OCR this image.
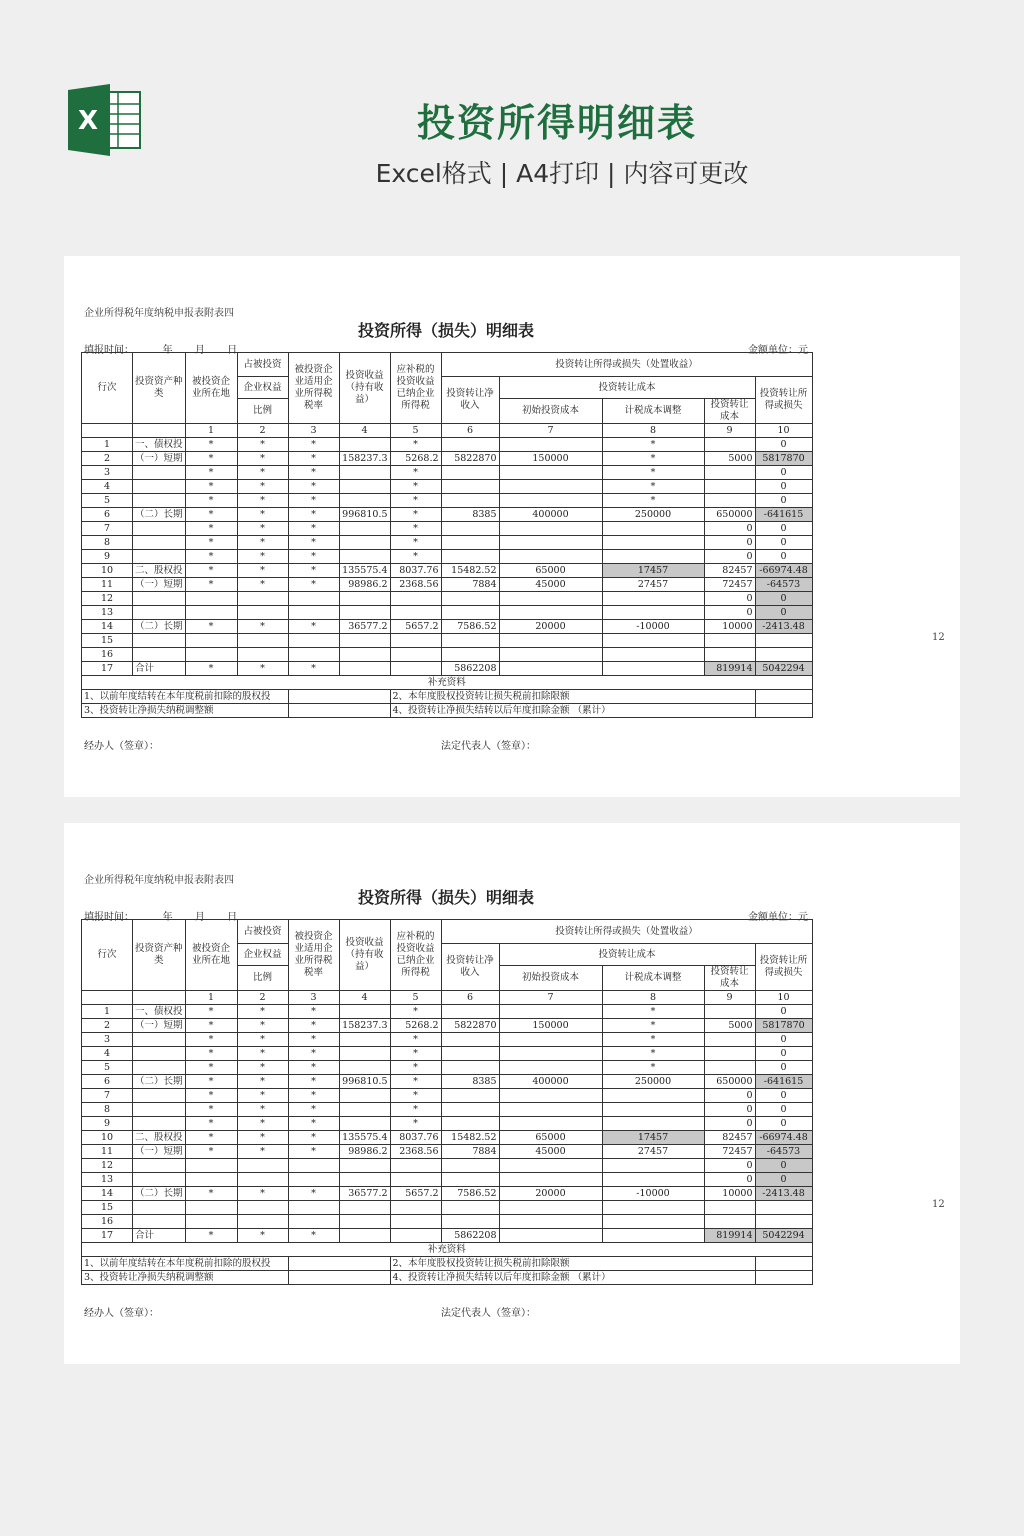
X	投资所得明细表
Excel格式 | A4打印 | 内容可更改
企业所得税年度纳税申报表附表四
投资所得（损失）明细表
填报时间：         年       月       日	金额单位：元
行次	投资资产种类	被投资企业所在地	占被投资	被投资企业适用企业所得税税率	投资收益（持有收益）	应补税的投资收益已纳企业所得税	投资转让所得或损失（处置收益）				
			企业权益				投资转让净收入	投资转让成本			投资转让所得或损失
			比例					初始投资成本	计税成本调整	投资转让成本	
		1	2	3	4	5	6	7	8	9	10
1	一、债权投	*	*	*		*			*		0
2	（一）短期	*	*	*	158237.3	5268.2	5822870	150000	*	5000	5817870
3		*	*	*		*			*		0
4		*	*	*		*			*		0
5		*	*	*		*			*		0
6	（二）长期	*	*	*	996810.5	*	8385	400000	250000	650000	-641615
7		*	*	*		*				0	0
8		*	*	*		*				0	0
9		*	*	*		*				0	0
10	二、股权投	*	*	*	135575.4	8037.76	15482.52	65000	17457	82457	-66974.48
11	（一）短期	*	*	*	98986.2	2368.56	7884	45000	27457	72457	-64573
12										0	0
13										0	0
14	（二）长期	*	*	*	36577.2	5657.2	7586.52	20000	-10000	10000	-2413.48
15											
16											
17	合计	*	*	*			5862208			819914	5042294
补充资料											
1、以前年度结转在本年度税前扣除的股权投						2、本年度股权投资转让损失税前扣除限额					
3、投资转让净损失纳税调整额						4、投资转让净损失结转以后年度扣除金额 （累计）					
经办人（签章）：	法定代表人（签章）：
12
企业所得税年度纳税申报表附表四
投资所得（损失）明细表
填报时间：         年       月       日	金额单位：元
行次	投资资产种类	被投资企业所在地	占被投资	被投资企业适用企业所得税税率	投资收益（持有收益）	应补税的投资收益已纳企业所得税	投资转让所得或损失（处置收益）				
			企业权益				投资转让净收入	投资转让成本			投资转让所得或损失
			比例					初始投资成本	计税成本调整	投资转让成本	
		1	2	3	4	5	6	7	8	9	10
1	一、债权投	*	*	*		*			*		0
2	（一）短期	*	*	*	158237.3	5268.2	5822870	150000	*	5000	5817870
3		*	*	*		*			*		0
4		*	*	*		*			*		0
5		*	*	*		*			*		0
6	（二）长期	*	*	*	996810.5	*	8385	400000	250000	650000	-641615
7		*	*	*		*				0	0
8		*	*	*		*				0	0
9		*	*	*		*				0	0
10	二、股权投	*	*	*	135575.4	8037.76	15482.52	65000	17457	82457	-66974.48
11	（一）短期	*	*	*	98986.2	2368.56	7884	45000	27457	72457	-64573
12										0	0
13										0	0
14	（二）长期	*	*	*	36577.2	5657.2	7586.52	20000	-10000	10000	-2413.48
15											
16											
17	合计	*	*	*			5862208			819914	5042294
补充资料											
1、以前年度结转在本年度税前扣除的股权投						2、本年度股权投资转让损失税前扣除限额					
3、投资转让净损失纳税调整额						4、投资转让净损失结转以后年度扣除金额 （累计）					
经办人（签章）：	法定代表人（签章）：
12
